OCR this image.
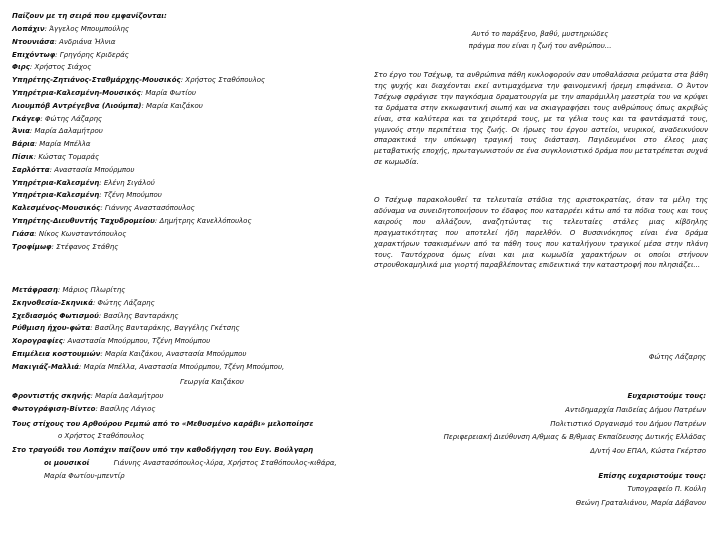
Παίζουν με τη σειρά που εμφανίζονται:
Λοπάχιν: Άγγελος Μπουμπούλης
Ντουνιάσα: Ανδριάνα Ήλνια
Επιχόντωφ: Γρηγόρης Κριδεράς
Φιρς: Χρήστος Σιάχος
Υπηρέτης-Ζητιάνος-Σταθμάρχης-Μουσικός: Χρήστος Σταθόπουλος
Υπηρέτρια-Καλεσμένη-Μουσικός: Μαρία Φωτίου
Λιουμπόβ Αντρέγεβνα (Λιούμπα): Μαρία Καιζάκου
Γκάγεφ: Φώτης Λάζαρης
Άνια: Μαρία Δαλαμήτρου
Βάρια: Μαρία Μπέλλα
Πίσικ: Κώστας Τομαράς
Σαρλόττα: Αναστασία Μπούρμπου
Υπηρέτρια-Καλεσμένη: Ελένη Σιγάλού
Υπηρέτρια-Καλεσμένη: Τζένη Μπούμπου
Καλεσμένος-Μουσικός: Γιάννης Αναστασόπουλος
Υπηρέτης-Διευθυντής Ταχυδρομείου: Δημήτρης Κανελλόπουλος
Γιάσα: Νίκος Κωνσταντόπουλος
Τροφίμωφ: Στέφανος Στάθης
Μετάφραση: Μάριος Πλωρίτης
Σκηνοθεσία-Σκηνικά: Φώτης Λάζαρης
Σχεδιασμός Φωτισμού: Βασίλης Βανταράκης
Ρύθμιση ήχου-φώτα: Βασίλης Βανταράκης, Βαγγέλης Γκέτσης
Χορογραφίες: Αναστασία Μπούρμπου, Τζένη Μπούμπου
Επιμέλεια κοστουμιών: Μαρία Καιζάκου, Αναστασία Μπούρμπου
Μακιγιάζ-Μαλλιά: Μαρία Μπέλλα, Αναστασία Μπούρμπου, Τζένη Μπούμπου,
Γεωργία Καιζάκου
Φροντιστής σκηνής: Μαρία Δαλαμήτρου
Φωτογράφιση-Βίντεο: Βασίλης Λάγιος
Τους στίχους του Αρθούρου Ρεμπώ από το «Μεθυσμένο καράβι» μελοποίησε
ο Χρήστος Σταθόπουλος
Στο τραγούδι του Λοπάχιν παίζουν υπό την καθοδήγηση του Ευγ. Βούλγαρη
οι μουσικοί	Γιάννης Αναστασόπουλος-λύρα, Χρήστος Σταθόπουλος-κιθάρα,
Μαρία Φωτίου-μπεντίρ
Αυτό το παράξενο, βαθύ, μυστηριώδες
πράγμα που είναι η ζωή του ανθρώπου...
Στο έργο του Τσέχωφ, τα ανθρώπινα πάθη κυκλοφορούν σαν υποθαλάσσια ρεύματα στα βάθη της ψυχής και διαχέονται εκεί αντιμαχόμενα την φαινομενική ήρεμη επιφάνεια. Ο Άντον Τσέχωφ σφράγισε την παγκόσμια δραματουργία με την απαράμιλλη μαεστρία του να κρύψει τα δράματα στην εκκωφαντική σιωπή και να σκιαγραφήσει τους ανθρώπους όπως ακριβώς είναι, στα καλύτερα και τα χειρότερά τους, με τα γέλια τους και τα φαντάσματά τους, γυμνούς στην περιπέτεια της ζωής. Οι ήρωες του έργου αστείοι, νευρικοί, αναδεικνύουν σπαρακτικά την υπόκωφη τραγική τους διάσταση. Παγιδευμένοι στο έλεος μιας μεταβατικής εποχής, πρωταγωνιστούν σε ένα συγκλονιστικό δράμα που μετατρέπεται συχνά σε κωμωδία.
Ο Τσέχωφ παρακολουθεί τα τελευταία στάδια της αριστοκρατίας, όταν τα μέλη της αδύναμα να συνειδητοποιήσουν το έδαφος που καταρρέει κάτω από τα πόδια τους και τους καιρούς που αλλάζουν, αναζητώντας τις τελευταίες στάλες μιας κίβδηλης πραγματικότητας που αποτελεί ήδη παρελθόν. Ο Βυσσινόκηπος είναι ένα δράμα χαρακτήρων τσακισμένων από τα πάθη τους που καταλήγουν τραγικοί μέσα στην πλάνη τους. Ταυτόχρονα όμως είναι και μια κωμωδία χαρακτήρων οι οποίοι στήνουν στρουθοκαμηλικά μια γιορτή παραβλέποντας επιδεικτικά την καταστροφή που πλησιάζει...
Φώτης Λάζαρης
Ευχαριστούμε τους:
Αντιδημαρχία Παιδείας Δήμου Πατρέων
Πολιτιστικό Οργανισμό του Δήμου Πατρέων
Περιφερειακή Διεύθυνση Α/θμιας & Β/θμιας Εκπαίδευσης Δυτικής Ελλάδας
Δ/ντή 4ου ΕΠΑΛ, Κώστα Γκέρτσο
Επίσης ευχαριστούμε τους:
Τυπογραφείο Π. Κούλη
Θεώνη Γραταλιάνου, Μαρία Δάβανου
